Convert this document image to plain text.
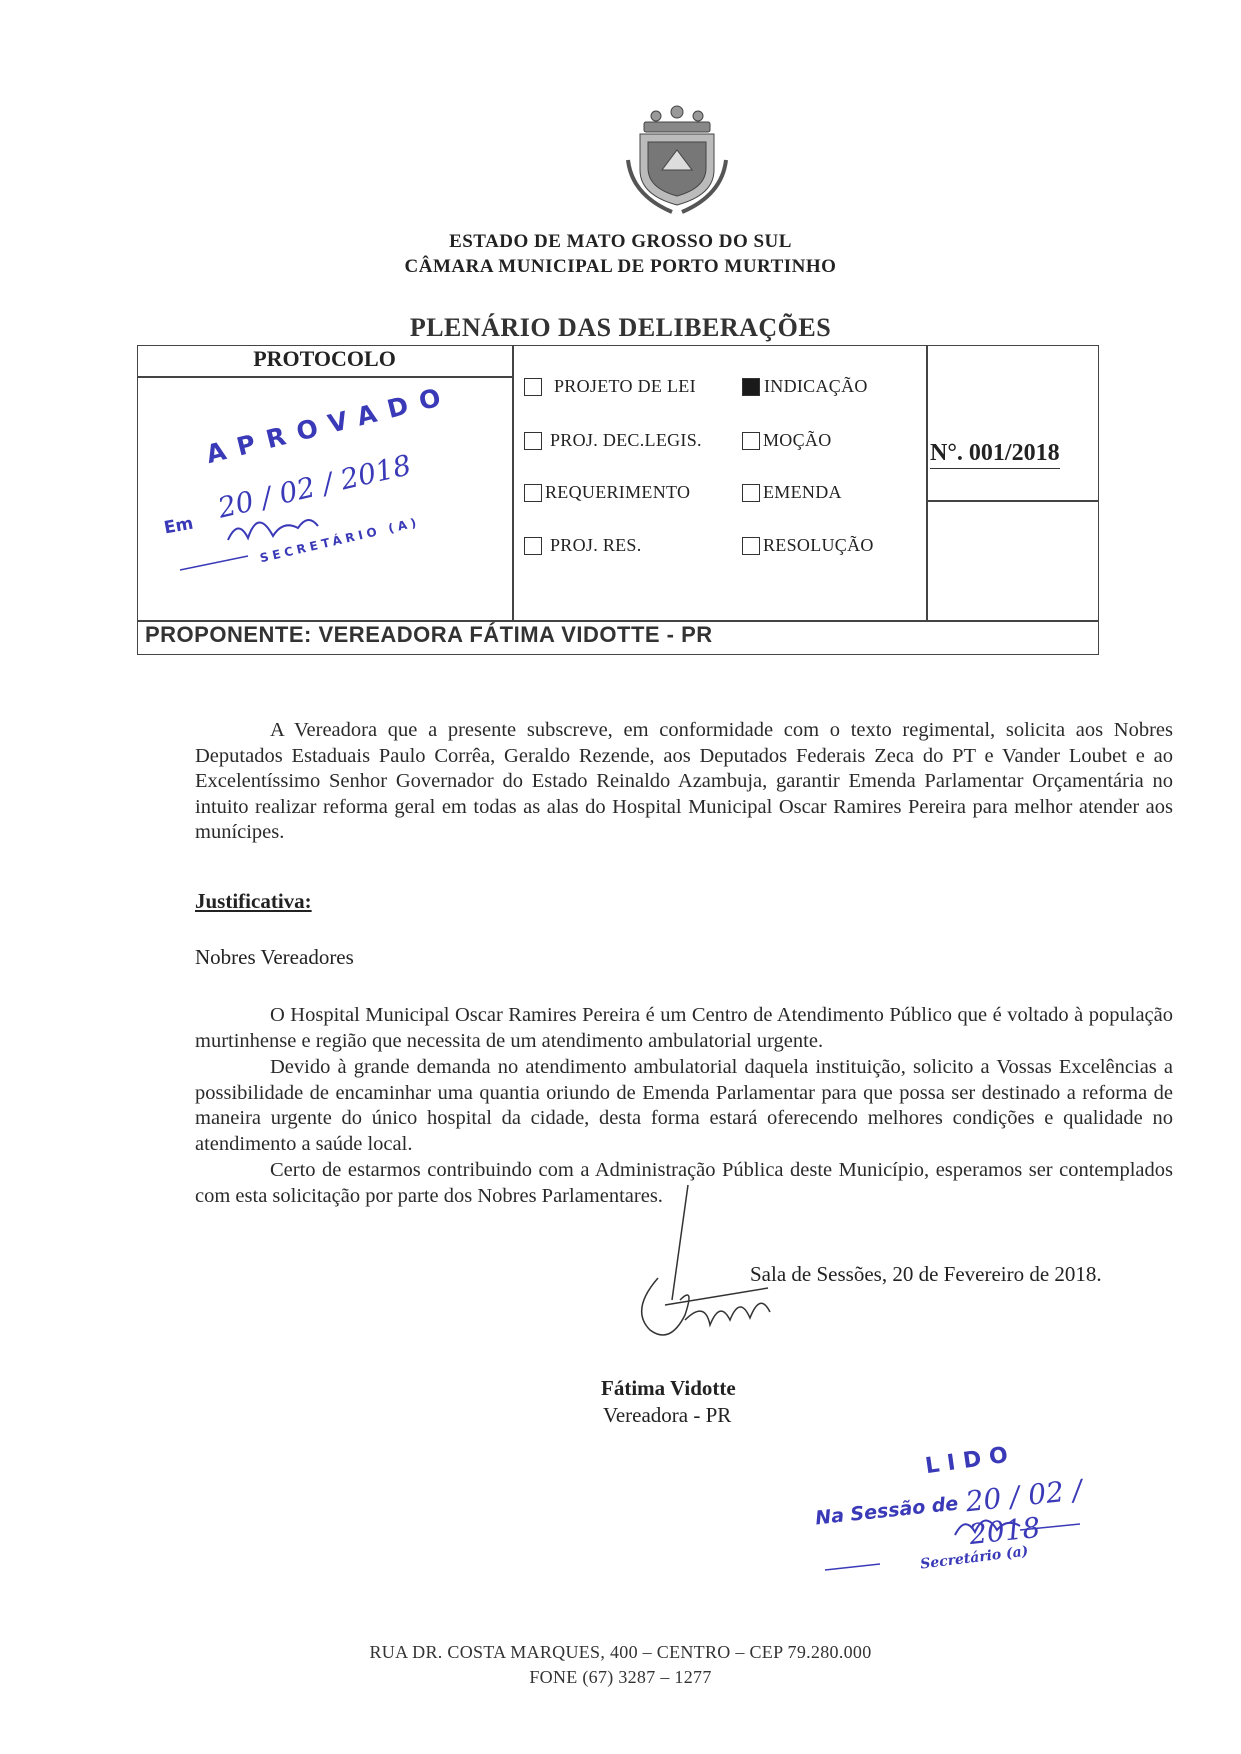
ESTADO DE MATO GROSSO DO SUL
CÂMARA MUNICIPAL DE PORTO MURTINHO
PLENÁRIO DAS DELIBERAÇÕES
PROTOCOLO
APROVADO
Em
20 / 02 / 2018
SECRETÁRIO (A)
PROJETO DE LEI	INDICAÇÃO
PROJ. DEC.LEGIS.	MOÇÃO
REQUERIMENTO	EMENDA
PROJ. RES.	RESOLUÇÃO
N°. 001/2018
PROPONENTE: VEREADORA FÁTIMA VIDOTTE - PR
A Vereadora que a presente subscreve, em conformidade com o texto regimental, solicita aos Nobres Deputados Estaduais Paulo Corrêa, Geraldo Rezende, aos Deputados Federais Zeca do PT e Vander Loubet e ao Excelentíssimo Senhor Governador do Estado Reinaldo Azambuja, garantir Emenda Parlamentar Orçamentária no intuito realizar reforma geral em todas as alas do Hospital Municipal Oscar Ramires Pereira para melhor atender aos munícipes.
Justificativa:
Nobres Vereadores
O Hospital Municipal Oscar Ramires Pereira é um Centro de Atendimento Público que é voltado à população murtinhense e região que necessita de um atendimento ambulatorial urgente.
Devido à grande demanda no atendimento ambulatorial daquela instituição, solicito a Vossas Excelências a possibilidade de encaminhar uma quantia oriundo de Emenda Parlamentar para que possa ser destinado a reforma de maneira urgente do único hospital da cidade, desta forma estará oferecendo melhores condições e qualidade no atendimento a saúde local.
Certo de estarmos contribuindo com a Administração Pública deste Município, esperamos ser contemplados com esta solicitação por parte dos Nobres Parlamentares.
Sala de Sessões, 20 de Fevereiro de 2018.
Fátima Vidotte
Vereadora - PR
LIDO
Na Sessão de 20 / 02 / 2018
Secretário (a)
RUA DR. COSTA MARQUES, 400 – CENTRO – CEP 79.280.000
FONE (67) 3287 – 1277
